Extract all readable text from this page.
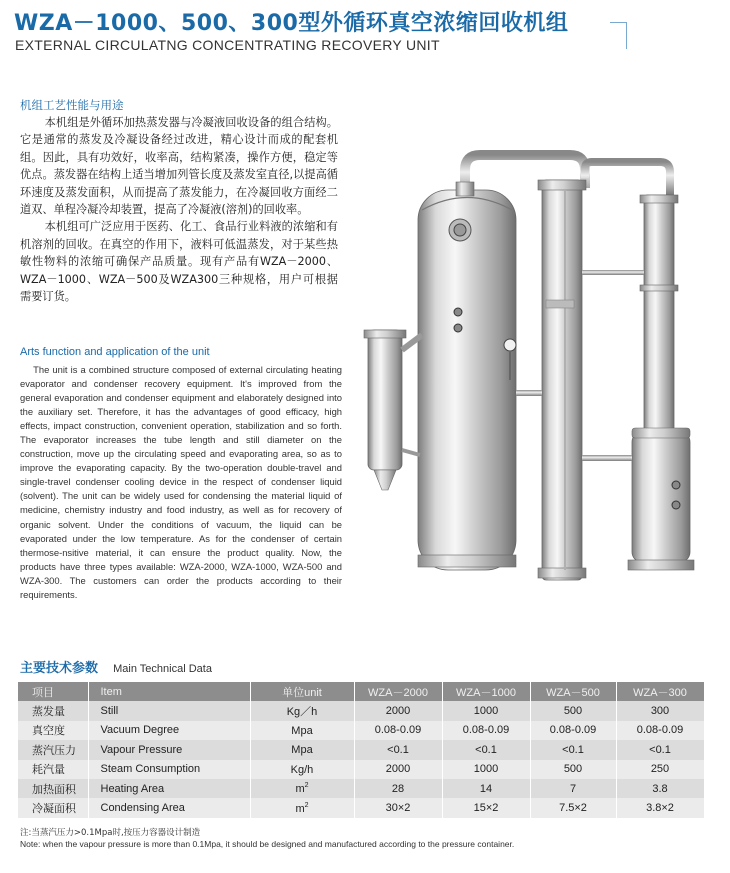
WZA－1000、500、300型外循环真空浓缩回收机组
EXTERNAL CIRCULATNG CONCENTRATING RECOVERY UNIT
机组工艺性能与用途

本机组是外循环加热蒸发器与冷凝液回收设备的组合结构。它是通常的蒸发及冷凝设备经过改进，精心设计而成的配套机组。因此，具有功效好，收率高，结构紧凑，操作方便，稳定等优点。蒸发器在结构上适当增加列管长度及蒸发室直径,以提高循环速度及蒸发面积，从而提高了蒸发能力，在冷凝回收方面经二道双、单程冷凝冷却装置，提高了冷凝液(溶剂)的回收率。

本机组可广泛应用于医药、化工、食品行业料液的浓缩和有机溶剂的回收。在真空的作用下，液料可低温蒸发，对于某些热敏性物料的浓缩可确保产品质量。现有产品有WZA－2000、WZA－1000、WZA－500及WZA300三种规格，用户可根据需要订货。

Arts function and application of the unit

The unit is a combined structure composed of external circulating heating evaporator and condenser recovery equipment. It's improved from the general evaporation and condenser equipment and elaborately designed into the auxiliary set. Therefore, it has the advantages of good efficacy, high effects, impact construction, convenient operation, stabilization and so forth. The evaporator increases the tube length and still diameter on the construction, move up the circulating speed and evaporating area, so as to improve the evaporating capacity. By the two-operation double-travel and single-travel condenser cooling device in the respect of condenser liquid (solvent). The unit can be widely used for condensing the material liquid of medicine, chemistry industry and food industry, as well as for recovery of organic solvent. Under the conditions of vacuum, the liquid can be evaporated under the low temperature. As for the condenser of certain thermose-nsitive material, it can ensure the product quality. Now, the products have three types available: WZA-2000, WZA-1000, WZA-500 and WZA-300. The customers can order the products according to their requirements.

主要技术参数 Main Technical Data
项目	Item	单位unit	WZA－2000	WZA－1000	WZA－500	WZA－300
蒸发量	Still	Kg／h	2000	1000	500	300
真空度	Vacuum Degree	Mpa	0.08-0.09	0.08-0.09	0.08-0.09	0.08-0.09
蒸汽压力	Vapour Pressure	Mpa	<0.1	<0.1	<0.1	<0.1
耗汽量	Steam Consumption	Kg/h	2000	1000	500	250
加热面积	Heating Area	$m^2$	28	14	7	3.8
冷凝面积	Condensing Area	$m^2$	30×2	15×2	7.5×2	3.8×2
注:当蒸汽压力>0.1Mpa时,按压力容器设计制造
Note: when the vapour pressure is more than 0.1Mpa, it should be designed and manufactured according to the pressure container.
